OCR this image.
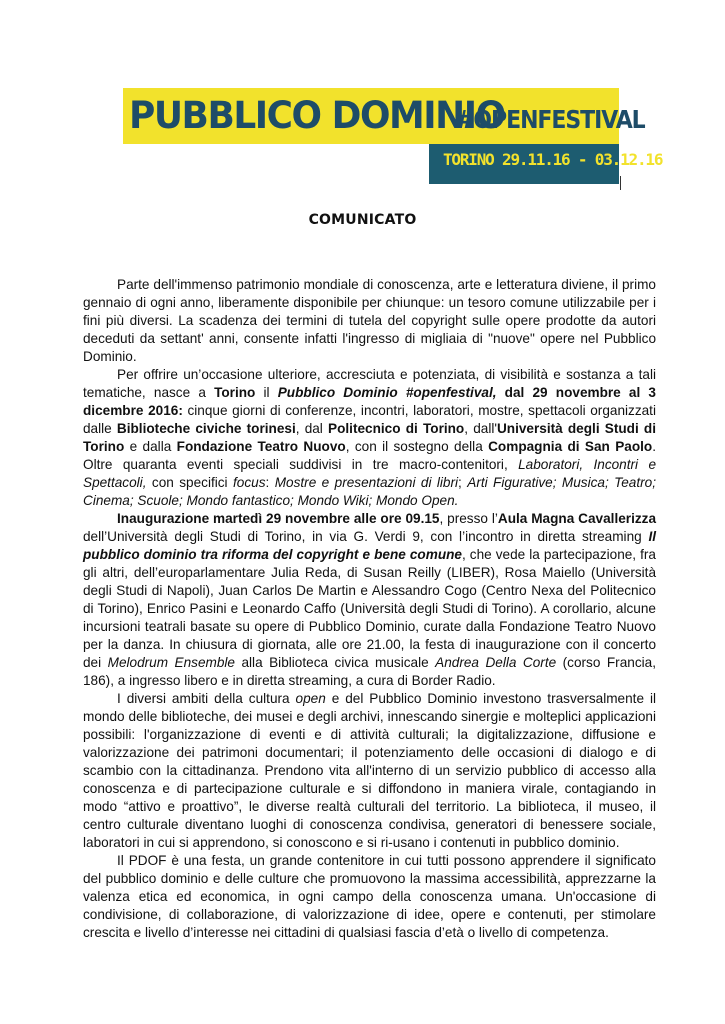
PUBBLICO DOMINIO
#OPENFESTIVAL
TORINO 29.11.16 - 03.12.16
COMUNICATO

Parte dell'immenso patrimonio mondiale di conoscenza, arte e letteratura diviene, il primo gennaio di ogni anno, liberamente disponibile per chiunque: un tesoro comune utilizzabile per i fini più diversi. La scadenza dei termini di tutela del copyright sulle opere prodotte da autori deceduti da settant' anni, consente infatti l'ingresso di migliaia di "nuove" opere nel Pubblico Dominio.

Per offrire un’occasione ulteriore, accresciuta e potenziata, di visibilità e sostanza a tali tematiche, nasce a Torino il Pubblico Dominio #openfestival, dal 29 novembre al 3 dicembre 2016: cinque giorni di conferenze, incontri, laboratori, mostre, spettacoli organizzati dalle Biblioteche civiche torinesi, dal Politecnico di Torino, dall'Università degli Studi di Torino e dalla Fondazione Teatro Nuovo, con il sostegno della Compagnia di San Paolo. Oltre quaranta eventi speciali suddivisi in tre macro-contenitori, Laboratori, Incontri e Spettacoli, con specifici focus: Mostre e presentazioni di libri; Arti Figurative; Musica; Teatro; Cinema; Scuole; Mondo fantastico; Mondo Wiki; Mondo Open.

Inaugurazione martedì 29 novembre alle ore 09.15, presso l’Aula Magna Cavallerizza dell’Università degli Studi di Torino, in via G. Verdi 9, con l’incontro in diretta streaming Il pubblico dominio tra riforma del copyright e bene comune, che vede la partecipazione, fra gli altri, dell’europarlamentare Julia Reda, di Susan Reilly (LIBER), Rosa Maiello (Università degli Studi di Napoli), Juan Carlos De Martin e Alessandro Cogo (Centro Nexa del Politecnico di Torino), Enrico Pasini e Leonardo Caffo (Università degli Studi di Torino). A corollario, alcune incursioni teatrali basate su opere di Pubblico Dominio, curate dalla Fondazione Teatro Nuovo per la danza. In chiusura di giornata, alle ore 21.00, la festa di inaugurazione con il concerto dei Melodrum Ensemble alla Biblioteca civica musicale Andrea Della Corte (corso Francia, 186), a ingresso libero e in diretta streaming, a cura di Border Radio.

I diversi ambiti della cultura open e del Pubblico Dominio investono trasversalmente il mondo delle biblioteche, dei musei e degli archivi, innescando sinergie e molteplici applicazioni possibili: l'organizzazione di eventi e di attività culturali; la digitalizzazione, diffusione e valorizzazione dei patrimoni documentari; il potenziamento delle occasioni di dialogo e di scambio con la cittadinanza. Prendono vita all'interno di un servizio pubblico di accesso alla conoscenza e di partecipazione culturale e si diffondono in maniera virale, contagiando in modo “attivo e proattivo”, le diverse realtà culturali del territorio. La biblioteca, il museo, il centro culturale diventano luoghi di conoscenza condivisa, generatori di benessere sociale, laboratori in cui si apprendono, si conoscono e si ri-usano i contenuti in pubblico dominio.

Il PDOF è una festa, un grande contenitore in cui tutti possono apprendere il significato del pubblico dominio e delle culture che promuovono la massima accessibilità, apprezzarne la valenza etica ed economica, in ogni campo della conoscenza umana. Un'occasione di condivisione, di collaborazione, di valorizzazione di idee, opere e contenuti, per stimolare crescita e livello d’interesse nei cittadini di qualsiasi fascia d’età o livello di competenza.
